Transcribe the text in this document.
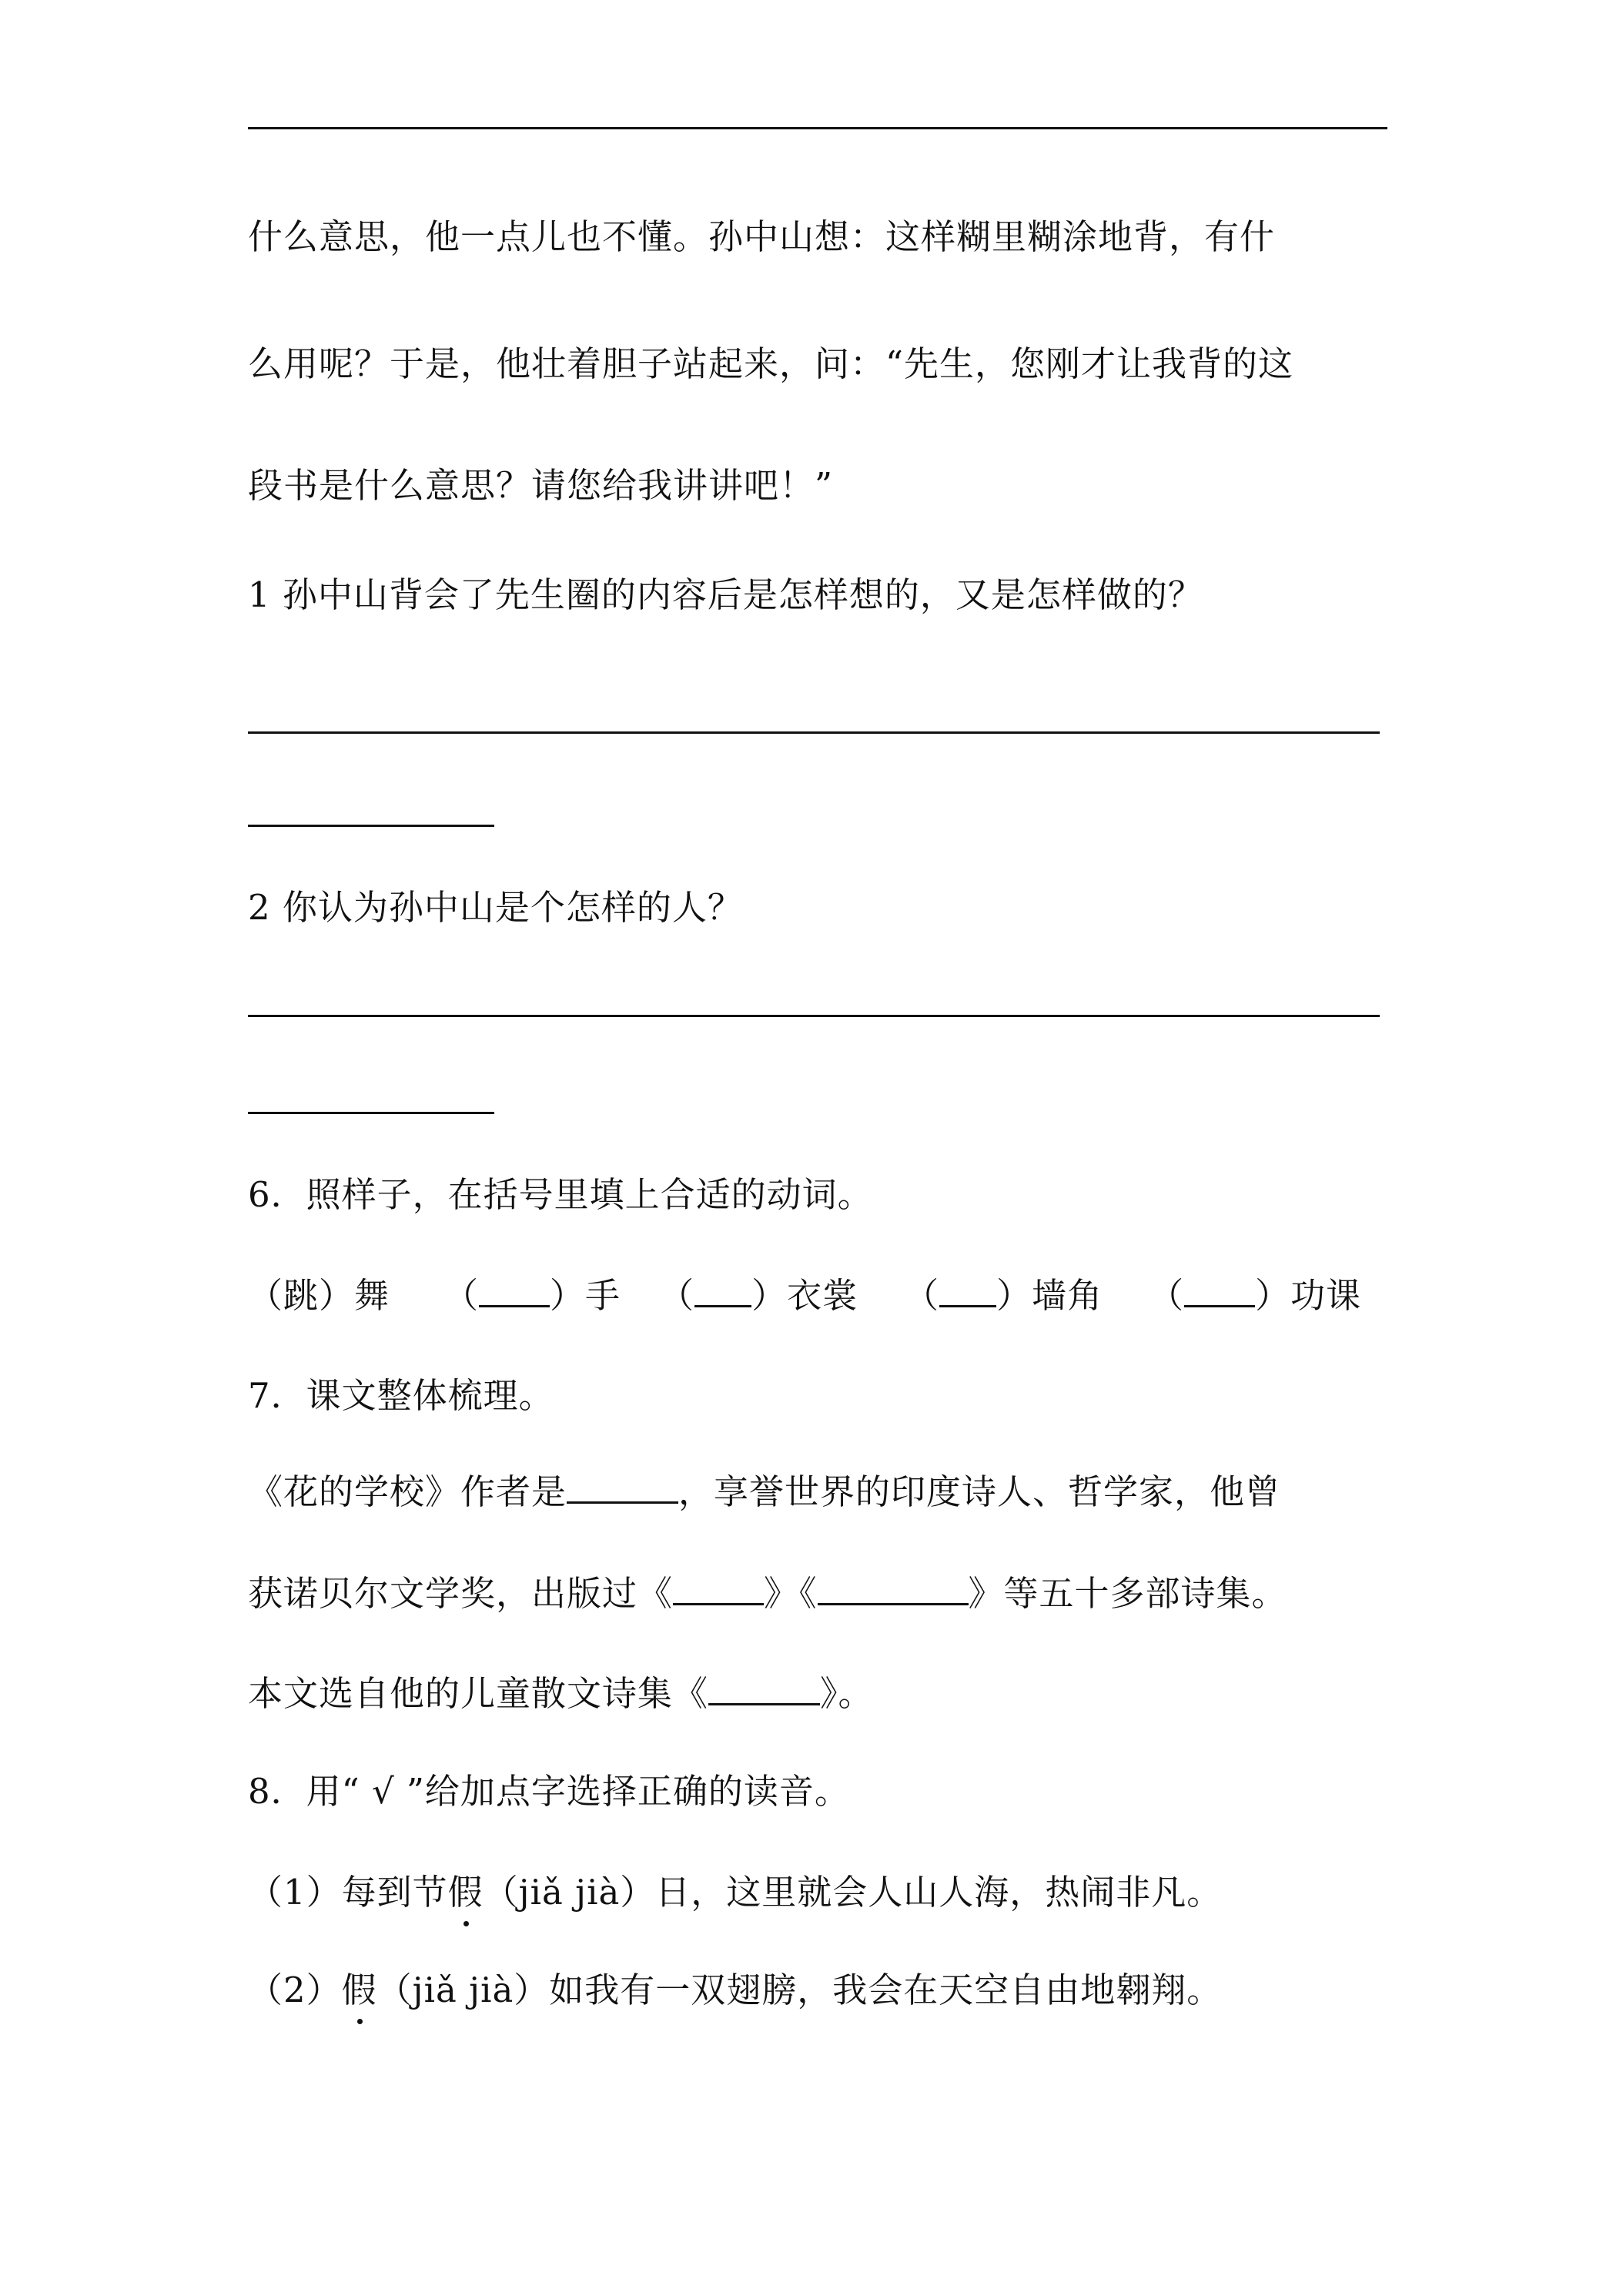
什么意思，他一点儿也不懂。孙中山想：这样糊里糊涂地背，有什
么用呢？于是，他壮着胆子站起来，问：“先生，您刚才让我背的这
段书是什么意思？请您给我讲讲吧！”
1 孙中山背会了先生圈的内容后是怎样想的，又是怎样做的？
2 你认为孙中山是个怎样的人？
6．照样子，在括号里填上合适的动词。
（跳）舞 （ ）手 （ ）衣裳 （ ）墙角 （ ）功课
7．课文整体梳理。
《花的学校》作者是	，享誉世界的印度诗人、哲学家，他曾
获诺贝尔文学奖，出版过《	》《	》等五十多部诗集。
本文选自他的儿童散文诗集《	》。
8．用“ √ ”给加点字选择正确的读音。
（1）每到节假（jiǎ jià）日，这里就会人山人海，热闹非凡。
（2）假（jiǎ jià）如我有一双翅膀，我会在天空自由地翱翔。
